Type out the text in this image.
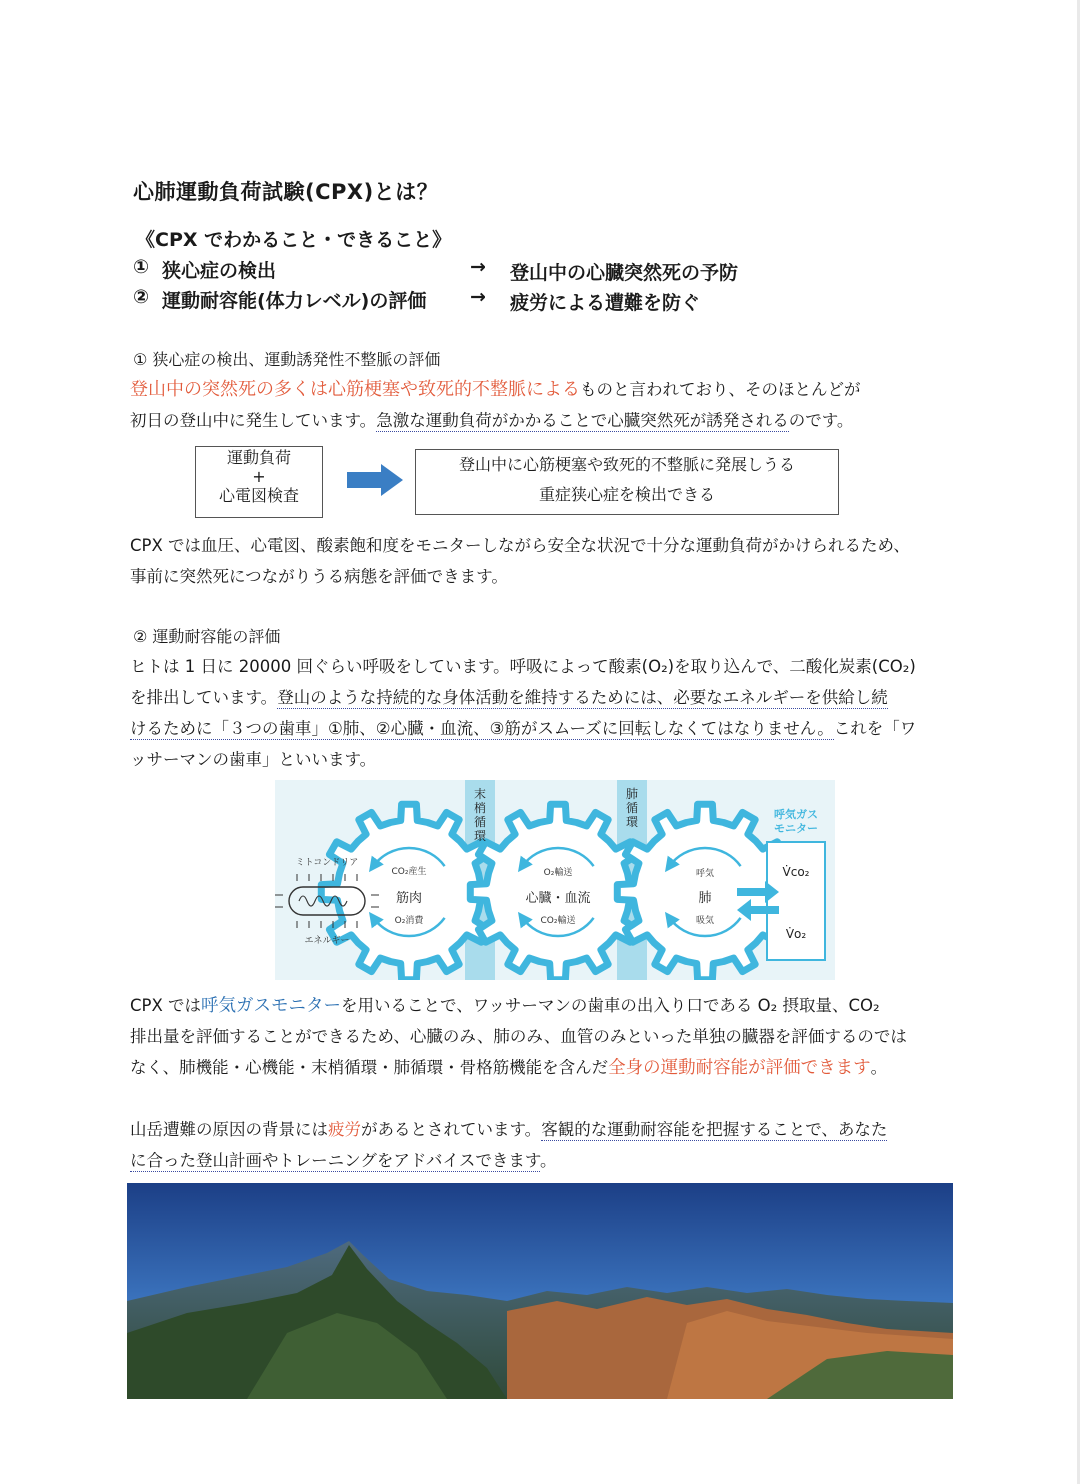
心肺運動負荷試験(CPX)とは？
《CPX でわかること・できること》
① 狭心症の検出	→ 登山中の心臓突然死の予防
② 運動耐容能(体力レベル)の評価 → 疲労による遭難を防ぐ
① 狭心症の検出、運動誘発性不整脈の評価
登山中の突然死の多くは心筋梗塞や致死的不整脈によるものと言われており、そのほとんどが
初日の登山中に発生しています。急激な運動負荷がかかることで心臓突然死が誘発されるのです。
運動負荷
+
心電図検査
登山中に心筋梗塞や致死的不整脈に発展しうる
重症狭心症を検出できる
CPX では血圧、心電図、酸素飽和度をモニターしながら安全な状況で十分な運動負荷がかけられるため、
事前に突然死につながりうる病態を評価できます。
② 運動耐容能の評価
ヒトは 1 日に 20000 回ぐらい呼吸をしています。呼吸によって酸素(O₂)を取り込んで、二酸化炭素(CO₂)
を排出しています。登山のような持続的な身体活動を維持するためには、必要なエネルギーを供給し続
けるために「３つの歯車」①肺、②心臓・血流、③筋がスムーズに回転しなくてはなりません。これを「ワ
ッサーマンの歯車」といいます。
ミトコンドリア
エネルギー
CO₂産生
筋肉
O₂消費
O₂輸送
心臓・血流
CO₂輸送
呼気
肺
吸気
末梢循環
肺循環
呼気ガス
モニター
V̇co₂
V̇o₂
CPX では呼気ガスモニターを用いることで、ワッサーマンの歯車の出入り口である O₂ 摂取量、CO₂
排出量を評価することができるため、心臓のみ、肺のみ、血管のみといった単独の臓器を評価するのでは
なく、肺機能・心機能・末梢循環・肺循環・骨格筋機能を含んだ全身の運動耐容能が評価できます。
山岳遭難の原因の背景には疲労があるとされています。客観的な運動耐容能を把握することで、あなた
に合った登山計画やトレーニングをアドバイスできます。
